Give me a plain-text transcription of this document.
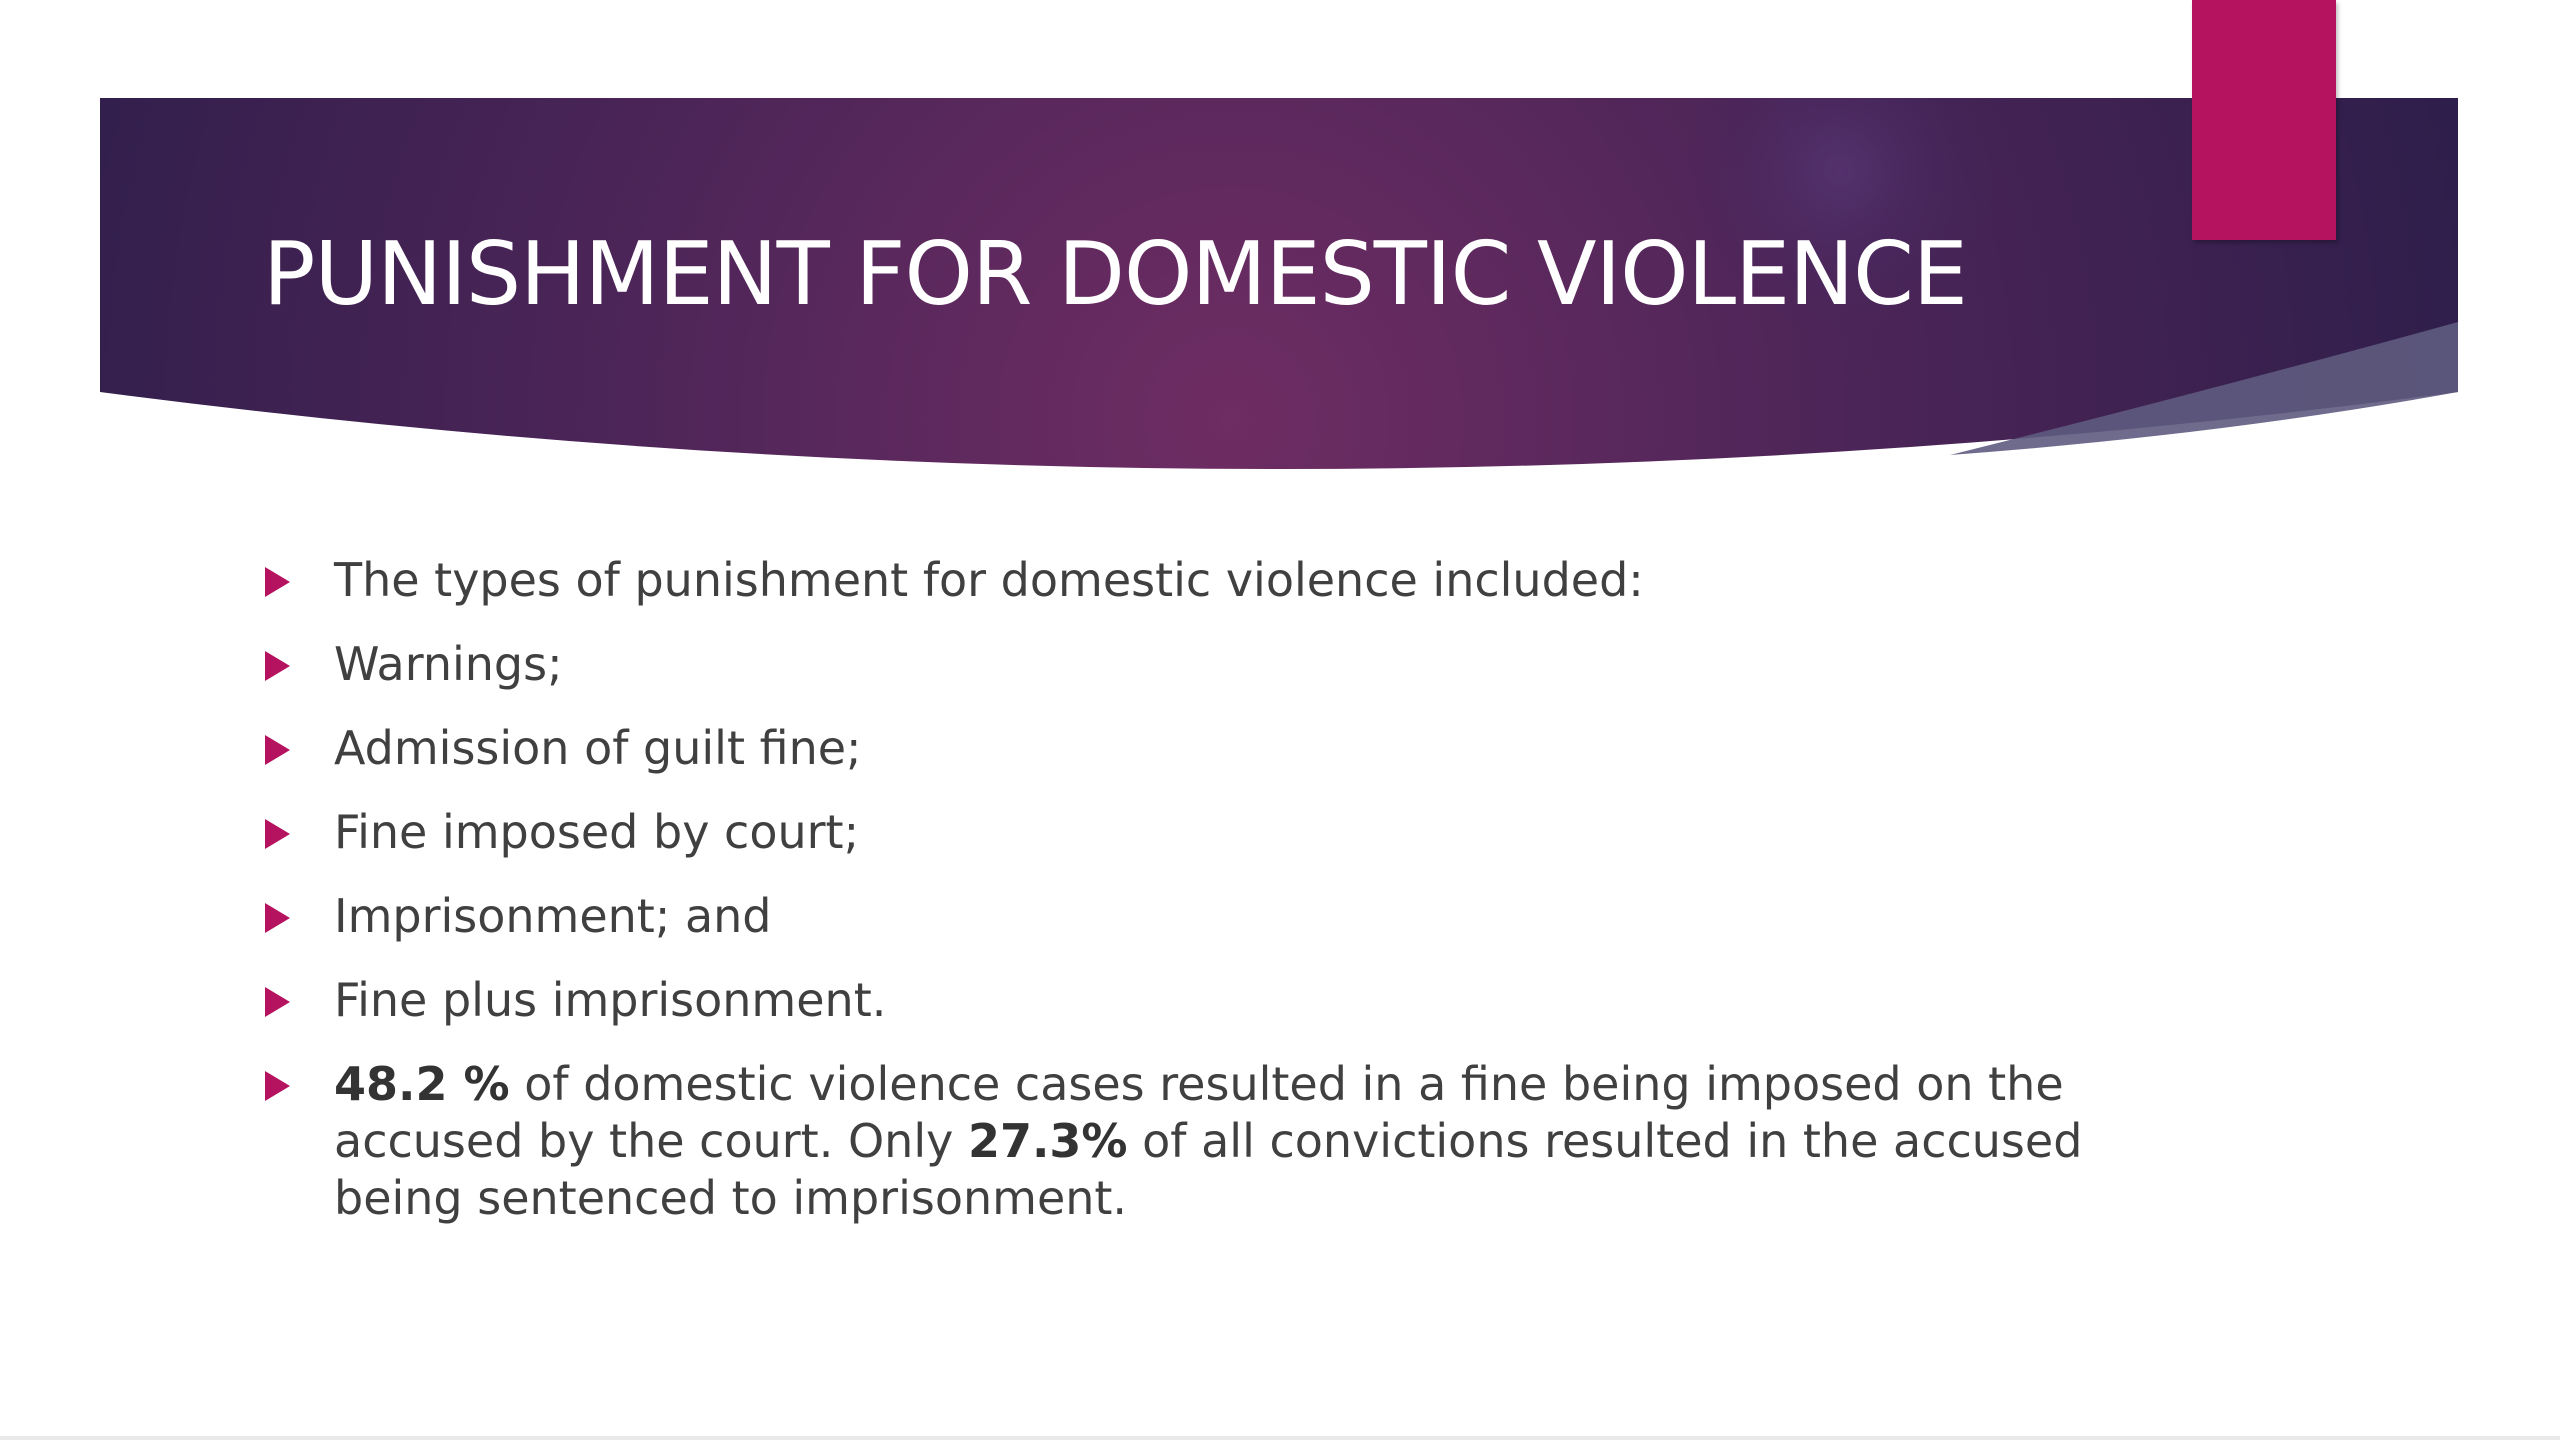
PUNISHMENT FOR DOMESTIC VIOLENCE
The types of punishment for domestic violence included:
Warnings;
Admission of guilt fine;
Fine imposed by court;
Imprisonment; and
Fine plus imprisonment.
48.2 % of domestic violence cases resulted in a fine being imposed on the accused by the court. Only 27.3% of all convictions resulted in the accused being sentenced to imprisonment.
